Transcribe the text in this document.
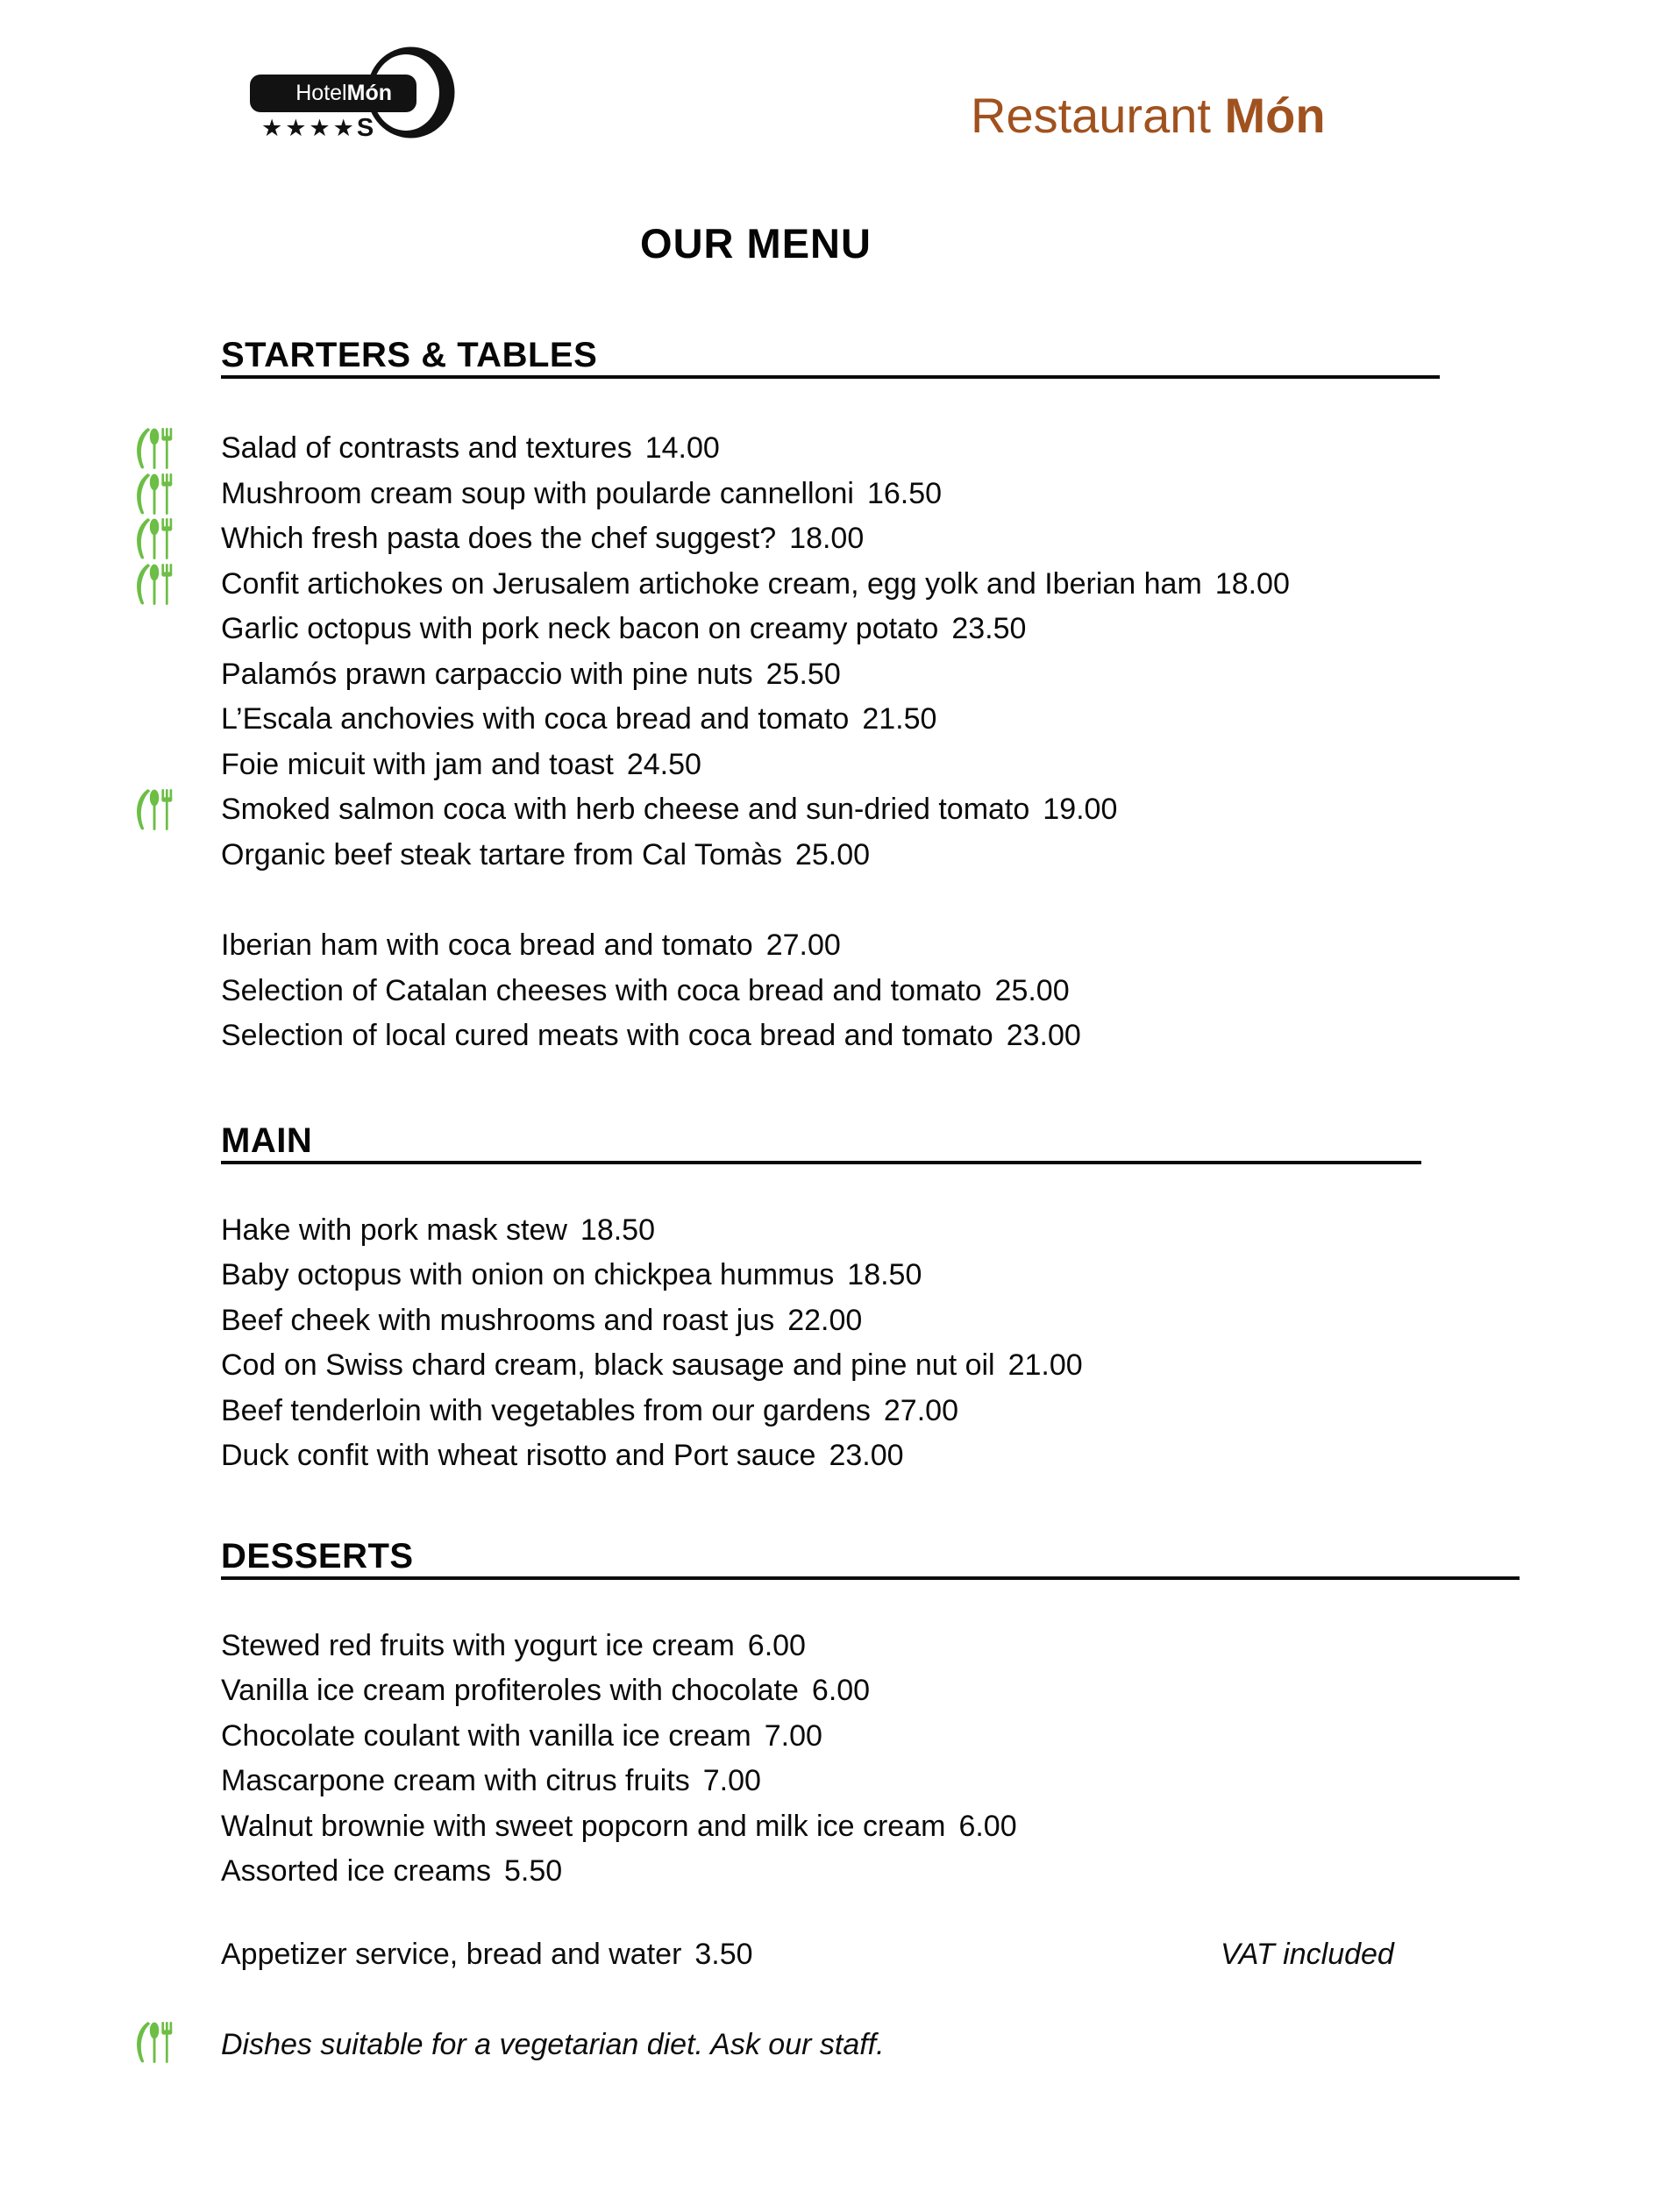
Hotel Món
★★★★S	Restaurant Món
OUR MENU
STARTERS & TABLES
Salad of contrasts and textures 14.00
Mushroom cream soup with poularde cannelloni 16.50
Which fresh pasta does the chef suggest? 18.00
Confit artichokes on Jerusalem artichoke cream, egg yolk and Iberian ham 18.00
Garlic octopus with pork neck bacon on creamy potato 23.50
Palamós prawn carpaccio with pine nuts 25.50
L’Escala anchovies with coca bread and tomato 21.50
Foie micuit with jam and toast 24.50
Smoked salmon coca with herb cheese and sun-dried tomato 19.00
Organic beef steak tartare from Cal Tomàs 25.00
Iberian ham with coca bread and tomato 27.00
Selection of Catalan cheeses with coca bread and tomato 25.00
Selection of local cured meats with coca bread and tomato 23.00
MAIN
Hake with pork mask stew 18.50
Baby octopus with onion on chickpea hummus 18.50
Beef cheek with mushrooms and roast jus 22.00
Cod on Swiss chard cream, black sausage and pine nut oil 21.00
Beef tenderloin with vegetables from our gardens 27.00
Duck confit with wheat risotto and Port sauce 23.00
DESSERTS
Stewed red fruits with yogurt ice cream 6.00
Vanilla ice cream profiteroles with chocolate 6.00
Chocolate coulant with vanilla ice cream 7.00
Mascarpone cream with citrus fruits 7.00
Walnut brownie with sweet popcorn and milk ice cream 6.00
Assorted ice creams 5.50
Appetizer service, bread and water 3.50	VAT included
Dishes suitable for a vegetarian diet. Ask our staff.
